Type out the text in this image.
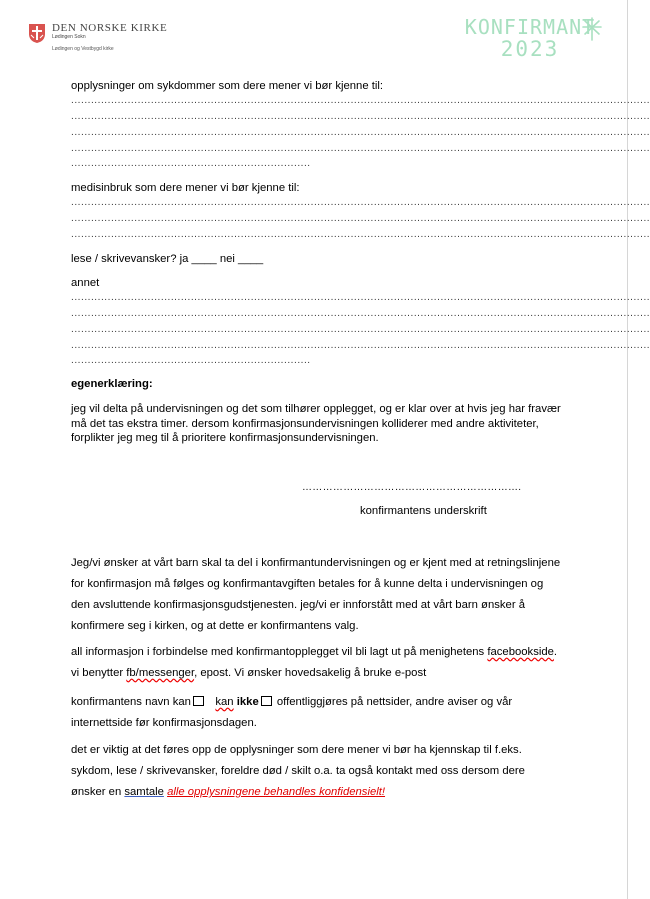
DEN NORSKE KIRKE
Lødingen Sokn
Lødingen og Vestbygd kirke
KONFIRMANT
2023
opplysninger om sykdommer som dere mener vi bør kjenne til:
..............................................................................................................................................................................
..............................................................................................................................................................................
..............................................................................................................................................................................
..............................................................................................................................................................................
........................................................................
medisinbruk som dere mener vi bør kjenne til:
..............................................................................................................................................................................
..............................................................................................................................................................................
..............................................................................................................................................................................
lese / skrivevansker? ja ____ nei ____
annet
..............................................................................................................................................................................
..............................................................................................................................................................................
..............................................................................................................................................................................
..............................................................................................................................................................................
........................................................................
egenerklæring:
jeg vil delta på undervisningen og det som tilhører opplegget, og er klar over at hvis jeg har fravær må det tas ekstra timer. dersom konfirmasjonsundervisningen kolliderer med andre aktiviteter, forplikter jeg meg til å prioritere konfirmasjonsundervisningen.
……………………………………………………….
konfirmantens underskrift
Jeg/vi ønsker at vårt barn skal ta del i konfirmantundervisningen og er kjent med at retningslinjene for konfirmasjon må følges og konfirmantavgiften betales for å kunne delta i undervisningen og den avsluttende konfirmasjonsgudstjenesten. jeg/vi er innforstått med at vårt barn ønsker å konfirmere seg i kirken, og at dette er konfirmantens valg.
all informasjon i forbindelse med konfirmantopplegget vil bli lagt ut på menighetens facebookside. vi benytter fb/messenger, epost. Vi ønsker hovedsakelig å bruke e-post
konfirmantens navn kan kan ikke offentliggjøres på nettsider, andre aviser og vår internettside før konfirmasjonsdagen.
det er viktig at det føres opp de opplysninger som dere mener vi bør ha kjennskap til f.eks. sykdom, lese / skrivevansker, foreldre død / skilt o.a. ta også kontakt med oss dersom dere ønsker en samtale alle opplysningene behandles konfidensielt!
